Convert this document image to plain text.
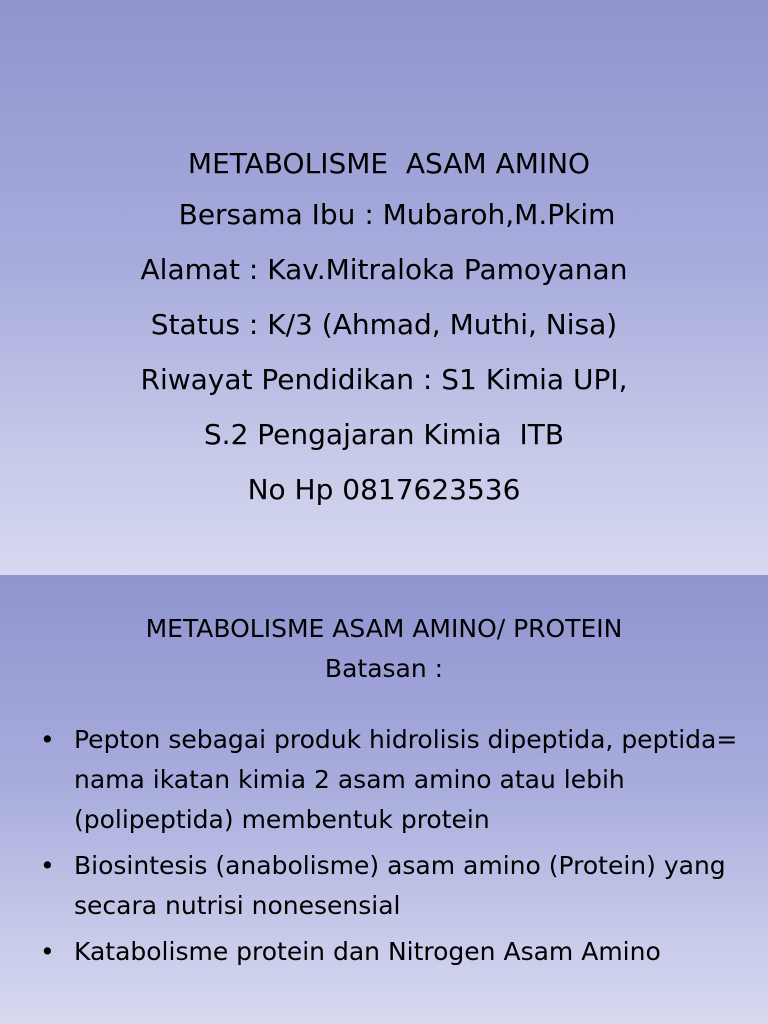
METABOLISME  ASAM AMINO
Bersama Ibu : Mubaroh,M.Pkim
Alamat : Kav.Mitraloka Pamoyanan
Status : K/3 (Ahmad, Muthi, Nisa)
Riwayat Pendidikan : S1 Kimia UPI,
S.2 Pengajaran Kimia  ITB
No Hp 0817623536
METABOLISME ASAM AMINO/ PROTEIN
Batasan :
• Pepton sebagai produk hidrolisis dipeptida, peptida= nama ikatan kimia 2 asam amino atau lebih (polipeptida) membentuk protein
• Biosintesis (anabolisme) asam amino (Protein) yang secara nutrisi nonesensial
• Katabolisme protein dan Nitrogen Asam Amino
